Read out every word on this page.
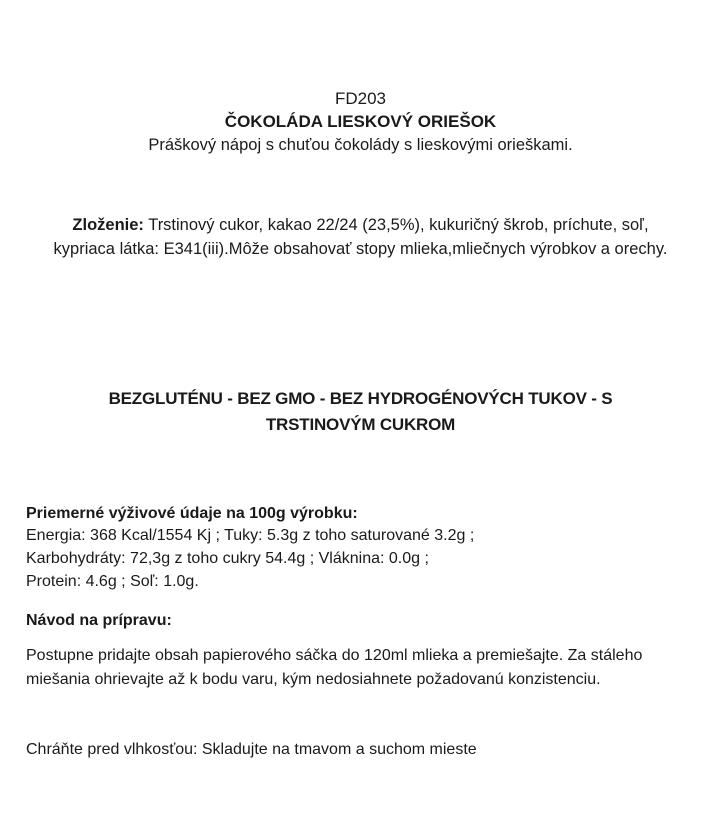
FD203
ČOKOLÁDA LIESKOVÝ ORIEŠOK
Práškový nápoj s chuťou čokolády s lieskovými orieškami.
Zloženie: Trstinový cukor, kakao 22/24 (23,5%), kukuričný škrob, príchute, soľ, kypriaca látka: E341(iii).Môže obsahovať stopy mlieka,mliečnych výrobkov a orechy.
BEZGLUTÉNU - BEZ GMO - BEZ HYDROGÉNOVÝCH TUKOV - S TRSTINOVÝM CUKROM
Priemerné výživové údaje na 100g výrobku:
Energia: 368 Kcal/1554 Kj ; Tuky: 5.3g z toho saturované 3.2g ;
Karbohydráty: 72,3g z toho cukry 54.4g ; Vláknina: 0.0g ;
Protein: 4.6g ; Soľ: 1.0g.
Návod na prípravu:
Postupne pridajte obsah papierového sáčka do 120ml mlieka a premiešajte. Za stáleho miešania ohrievajte až k bodu varu, kým nedosiahnete požadovanú konzistenciu.
Chráňte pred vlhkosťou: Skladujte na tmavom a suchom mieste
